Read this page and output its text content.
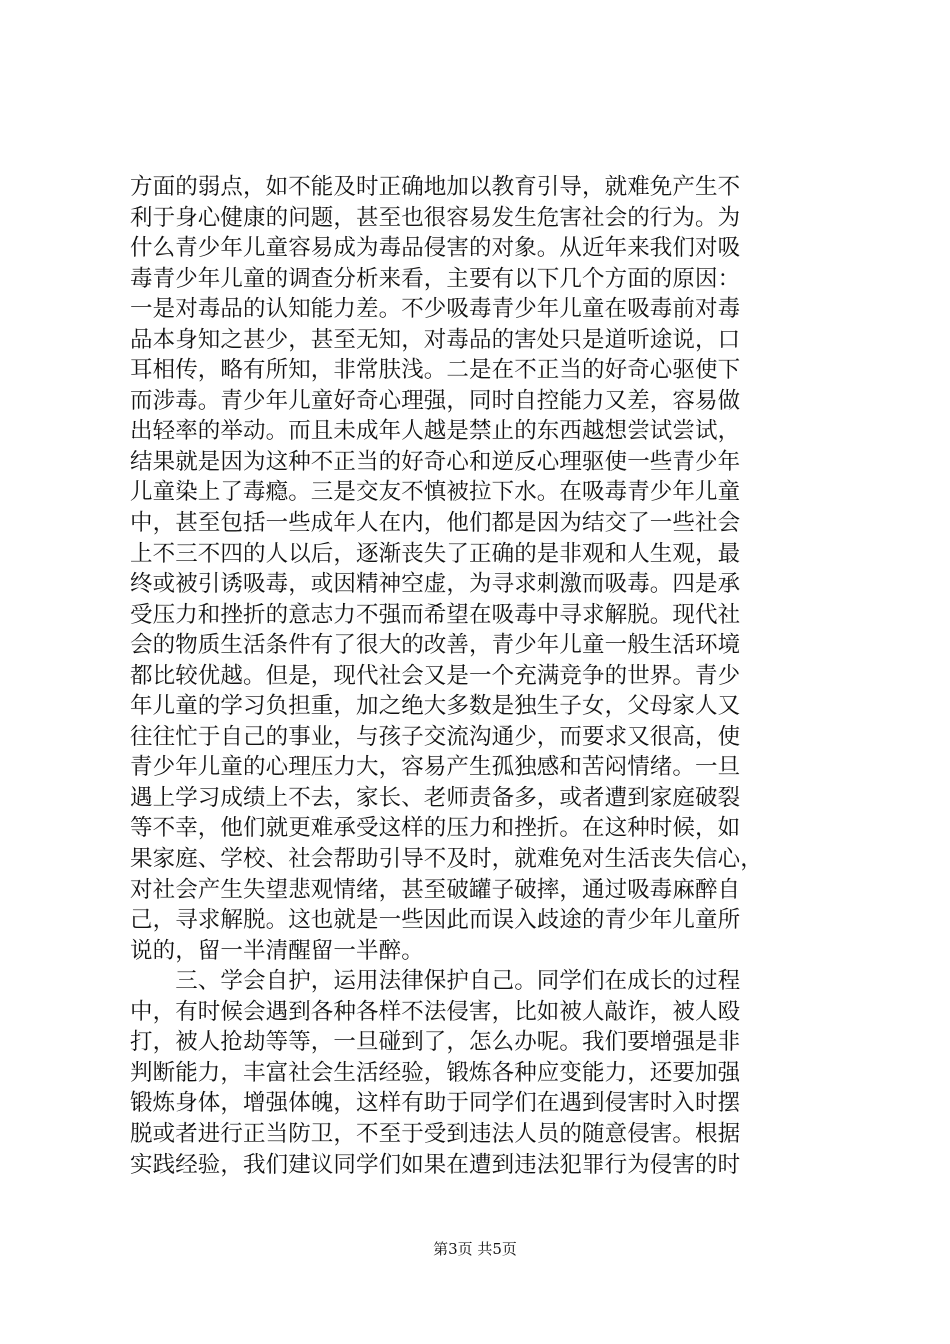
方面的弱点，如不能及时正确地加以教育引导，就难免产生不
利于身心健康的问题，甚至也很容易发生危害社会的行为。为
什么青少年儿童容易成为毒品侵害的对象。从近年来我们对吸
毒青少年儿童的调查分析来看，主要有以下几个方面的原因：
一是对毒品的认知能力差。不少吸毒青少年儿童在吸毒前对毒
品本身知之甚少，甚至无知，对毒品的害处只是道听途说，口
耳相传，略有所知，非常肤浅。二是在不正当的好奇心驱使下
而涉毒。青少年儿童好奇心理强，同时自控能力又差，容易做
出轻率的举动。而且未成年人越是禁止的东西越想尝试尝试，
结果就是因为这种不正当的好奇心和逆反心理驱使一些青少年
儿童染上了毒瘾。三是交友不慎被拉下水。在吸毒青少年儿童
中，甚至包括一些成年人在内，他们都是因为结交了一些社会
上不三不四的人以后，逐渐丧失了正确的是非观和人生观，最
终或被引诱吸毒，或因精神空虚，为寻求刺激而吸毒。四是承
受压力和挫折的意志力不强而希望在吸毒中寻求解脱。现代社
会的物质生活条件有了很大的改善，青少年儿童一般生活环境
都比较优越。但是，现代社会又是一个充满竞争的世界。青少
年儿童的学习负担重，加之绝大多数是独生子女，父母家人又
往往忙于自己的事业，与孩子交流沟通少，而要求又很高，使
青少年儿童的心理压力大，容易产生孤独感和苦闷情绪。一旦
遇上学习成绩上不去，家长、老师责备多，或者遭到家庭破裂
等不幸，他们就更难承受这样的压力和挫折。在这种时候，如
果家庭、学校、社会帮助引导不及时，就难免对生活丧失信心，
对社会产生失望悲观情绪，甚至破罐子破摔，通过吸毒麻醉自
己，寻求解脱。这也就是一些因此而误入歧途的青少年儿童所
说的，留一半清醒留一半醉。
　　三、学会自护，运用法律保护自己。同学们在成长的过程
中，有时候会遇到各种各样不法侵害，比如被人敲诈，被人殴
打，被人抢劫等等，一旦碰到了，怎么办呢。我们要增强是非
判断能力，丰富社会生活经验，锻炼各种应变能力，还要加强
锻炼身体，增强体魄，这样有助于同学们在遇到侵害时入时摆
脱或者进行正当防卫，不至于受到违法人员的随意侵害。根据
实践经验，我们建议同学们如果在遭到违法犯罪行为侵害的时
第3页 共5页
